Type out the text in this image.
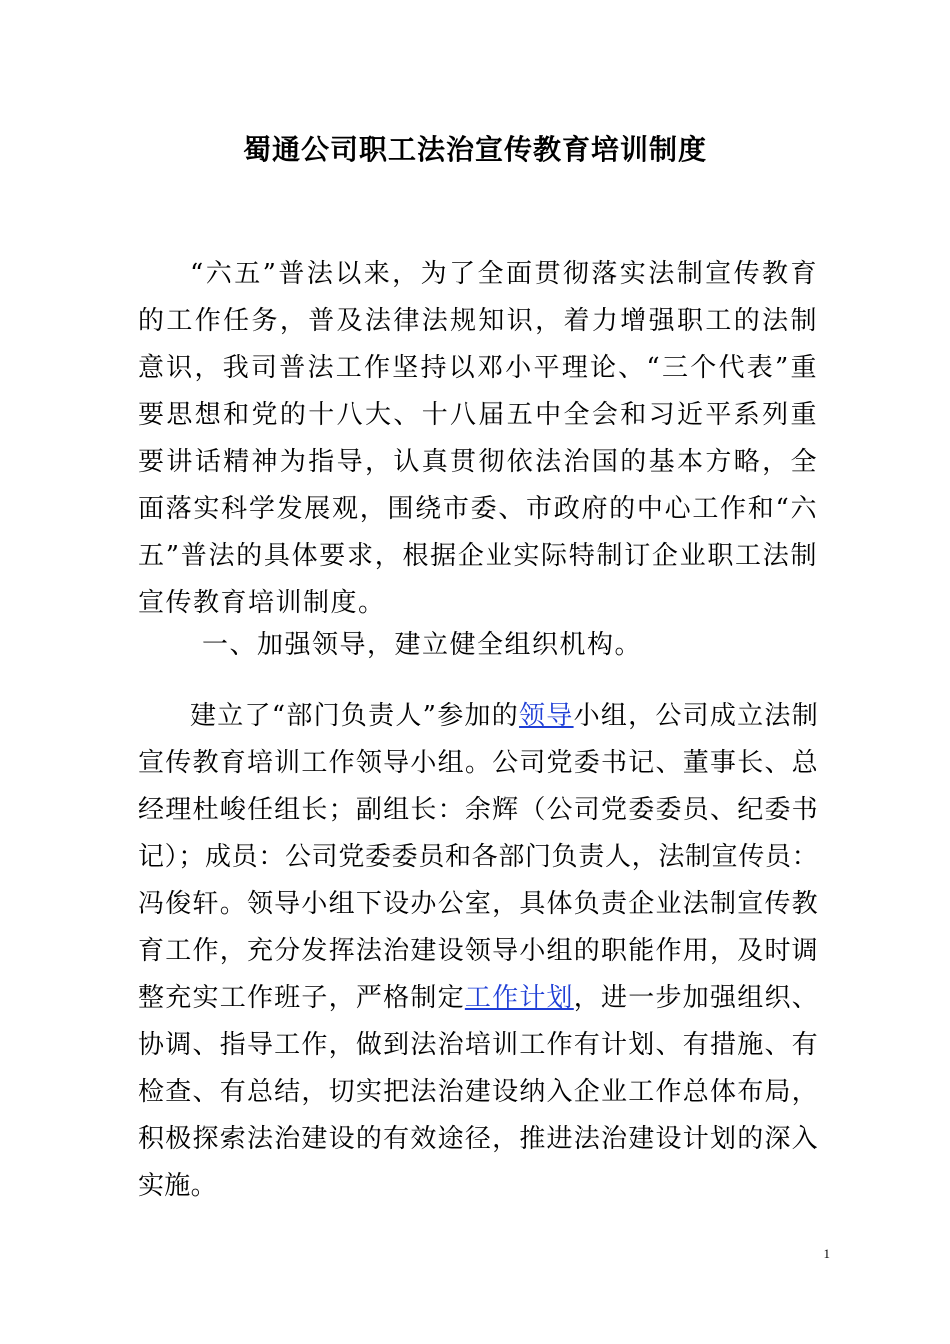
蜀通公司职工法治宣传教育培训制度

“六五”普法以来，为了全面贯彻落实法制宣传教育的工作任务，普及法律法规知识，着力增强职工的法制意识，我司普法工作坚持以邓小平理论、“三个代表”重要思想和党的十八大、十八届五中全会和习近平系列重要讲话精神为指导，认真贯彻依法治国的基本方略，全面落实科学发展观，围绕市委、市政府的中心工作和“六五”普法的具体要求，根据企业实际特制订企业职工法制宣传教育培训制度。

一、加强领导，建立健全组织机构。

建立了“部门负责人”参加的领导小组，公司成立法制宣传教育培训工作领导小组。公司党委书记、董事长、总经理杜峻任组长；副组长：余辉（公司党委委员、纪委书记）；成员：公司党委委员和各部门负责人，法制宣传员：冯俊轩。领导小组下设办公室，具体负责企业法制宣传教育工作，充分发挥法治建设领导小组的职能作用，及时调整充实工作班子，严格制定工作计划，进一步加强组织、协调、指导工作，做到法治培训工作有计划、有措施、有检查、有总结，切实把法治建设纳入企业工作总体布局，积极探索法治建设的有效途径，推进法治建设计划的深入实施。

1
